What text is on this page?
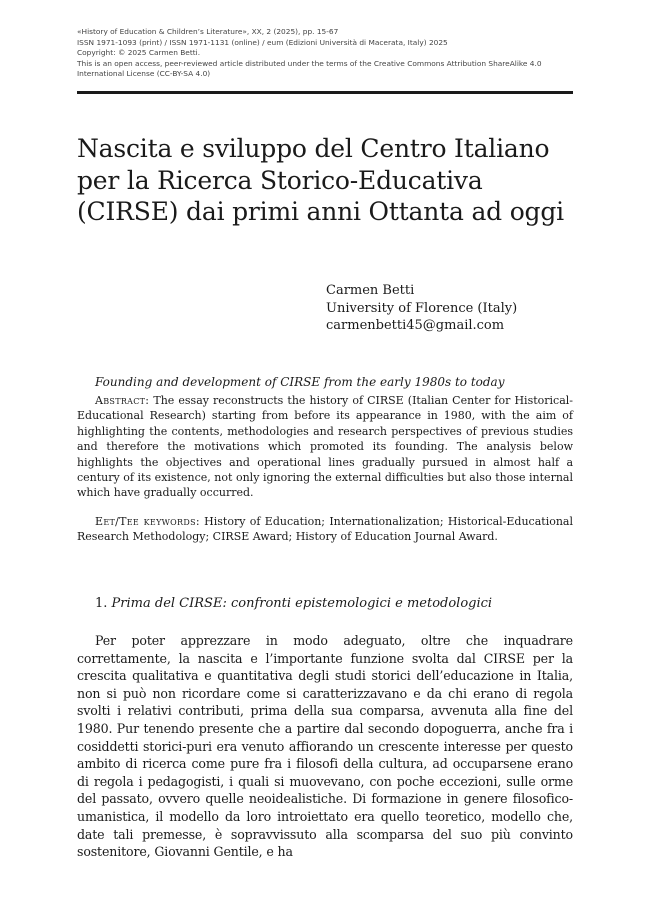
«History of Education & Children’s Literature», XX, 2 (2025), pp. 15-67
ISSN 1971-1093 (print) / ISSN 1971-1131 (online) / eum (Edizioni Università di Macerata, Italy) 2025
Copyright: © 2025 Carmen Betti.
This is an open access, peer-reviewed article distributed under the terms of the Creative Commons Attribution ShareAlike 4.0
International License (CC-BY-SA 4.0)
Nascita e sviluppo del Centro Italiano per la Ricerca Storico-Educativa (CIRSE) dai primi anni Ottanta ad oggi
Carmen Betti
University of Florence (Italy)
carmenbetti45@gmail.com
Founding and development of CIRSE from the early 1980s to today

Abstract: The essay reconstructs the history of CIRSE (Italian Center for Historical-Educational Research) starting from before its appearance in 1980, with the aim of highlighting the contents, methodologies and research perspectives of previous studies and therefore the motivations which promoted its founding. The analysis below highlights the objectives and operational lines gradually pursued in almost half a century of its existence, not only ignoring the external difficulties but also those internal which have gradually occurred.

Eet/Tee keywords: History of Education; Internationalization; Historical-Educational Research Methodology; CIRSE Award; History of Education Journal Award.

1. Prima del CIRSE: confronti epistemologici e metodologici

Per poter apprezzare in modo adeguato, oltre che inquadrare correttamente, la nascita e l’importante funzione svolta dal CIRSE per la crescita qualitativa e quantitativa degli studi storici dell’educazione in Italia, non si può non ricordare come si caratterizzavano e da chi erano di regola svolti i relativi contributi, prima della sua comparsa, avvenuta alla fine del 1980. Pur tenendo presente che a partire dal secondo dopoguerra, anche fra i cosiddetti storici-puri era venuto affiorando un crescente interesse per questo ambito di ricerca come pure fra i filosofi della cultura, ad occuparsene erano di regola i pedagogisti, i quali si muovevano, con poche eccezioni, sulle orme del passato, ovvero quelle neoidealistiche. Di formazione in genere filosofico-umanistica, il modello da loro introiettato era quello teoretico, modello che, date tali premesse, è sopravvissuto alla scomparsa del suo più convinto sostenitore, Giovanni Gentile, e ha
